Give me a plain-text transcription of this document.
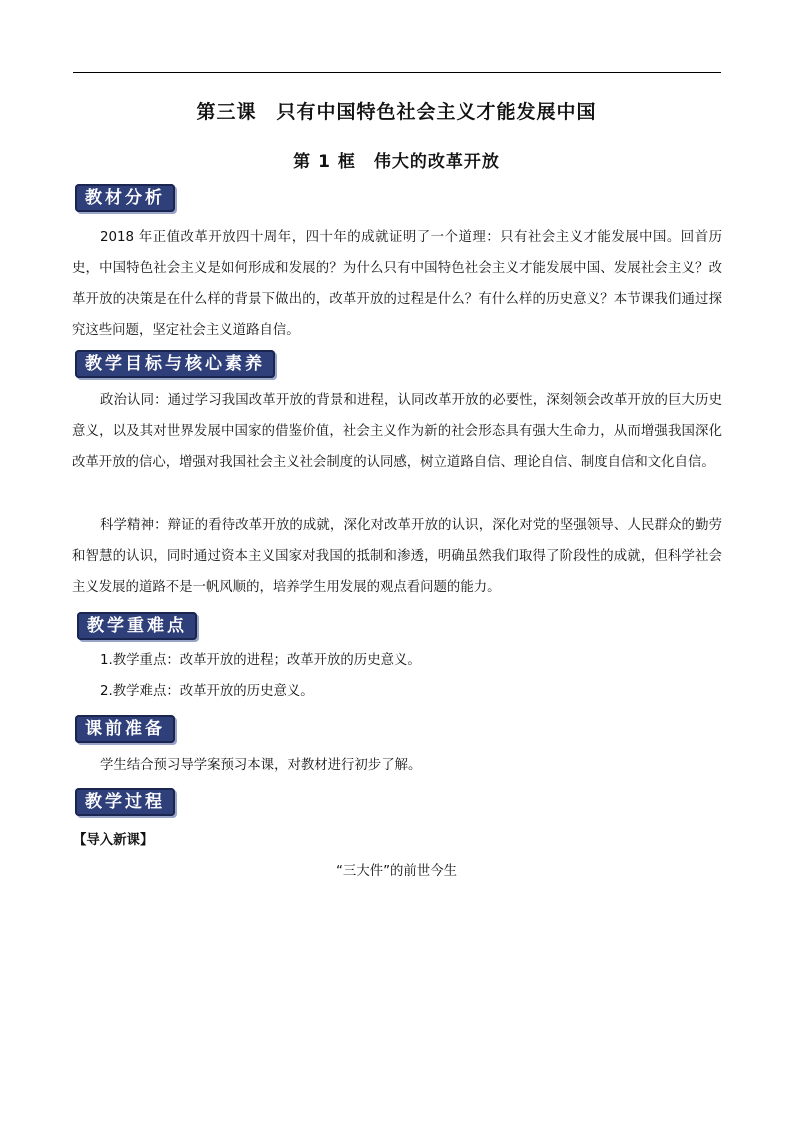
第三课　只有中国特色社会主义才能发展中国
第 1 框　伟大的改革开放
教材分析
2018 年正值改革开放四十周年，四十年的成就证明了一个道理：只有社会主义才能发展中国。回首历史，中国特色社会主义是如何形成和发展的？为什么只有中国特色社会主义才能发展中国、发展社会主义？改革开放的决策是在什么样的背景下做出的，改革开放的过程是什么？有什么样的历史意义？本节课我们通过探究这些问题，坚定社会主义道路自信。
教学目标与核心素养
政治认同：通过学习我国改革开放的背景和进程，认同改革开放的必要性，深刻领会改革开放的巨大历史意义，以及其对世界发展中国家的借鉴价值，社会主义作为新的社会形态具有强大生命力，从而增强我国深化改革开放的信心，增强对我国社会主义社会制度的认同感，树立道路自信、理论自信、制度自信和文化自信。
科学精神：辩证的看待改革开放的成就，深化对改革开放的认识，深化对党的坚强领导、人民群众的勤劳和智慧的认识，同时通过资本主义国家对我国的抵制和渗透，明确虽然我们取得了阶段性的成就，但科学社会主义发展的道路不是一帆风顺的，培养学生用发展的观点看问题的能力。
教学重难点
1.教学重点：改革开放的进程；改革开放的历史意义。
2.教学难点：改革开放的历史意义。
课前准备
学生结合预习导学案预习本课，对教材进行初步了解。
教学过程
【导入新课】
“三大件”的前世今生
